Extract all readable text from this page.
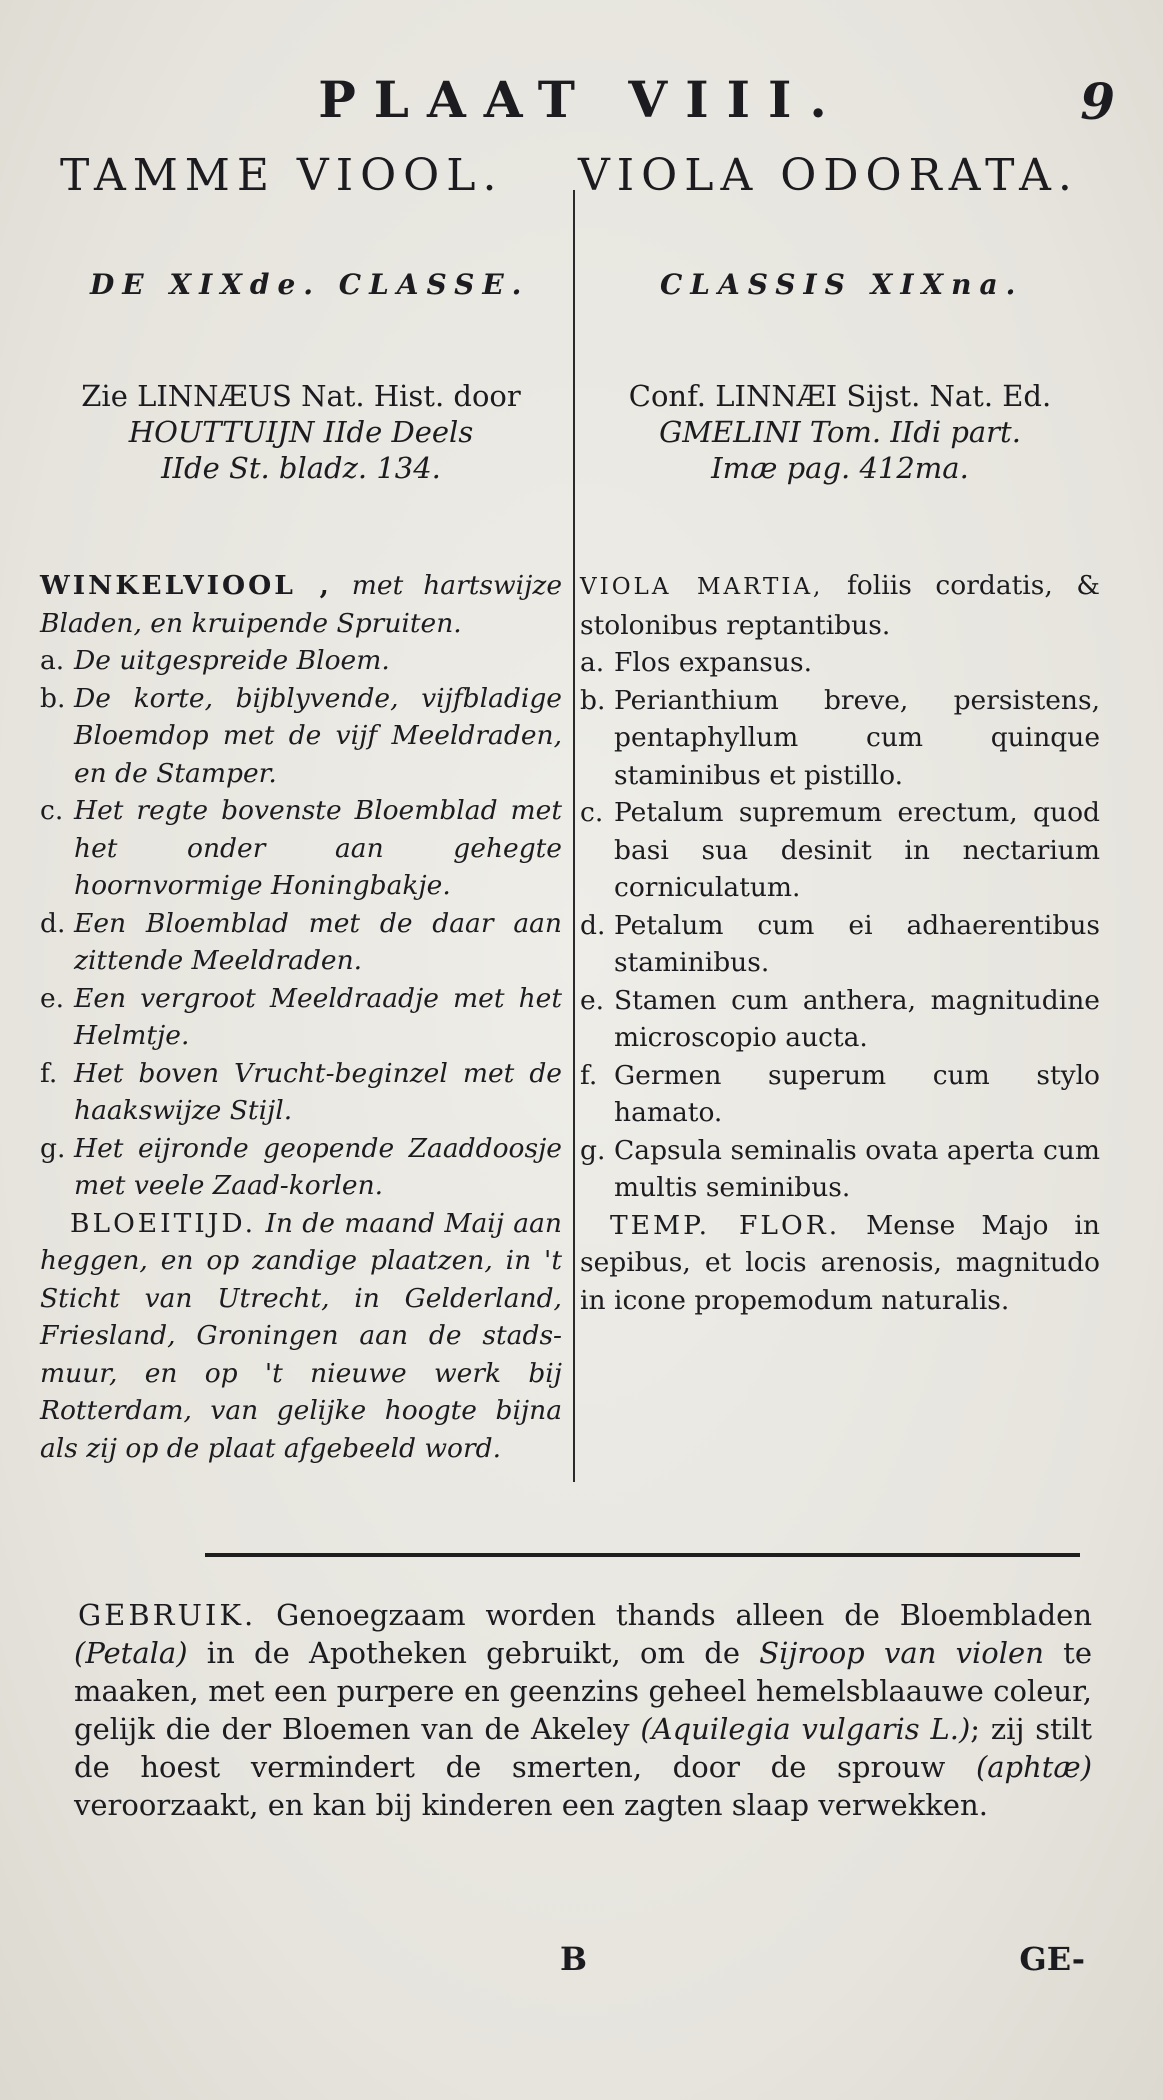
PLAAT VIII.	9
TAMME VIOOL. VIOLA ODORATA.
DE XIXde. CLASSE.	CLASSIS XIXna.
Zie LINNÆUS Nat. Hist. door
HOUTTUIJN IIde Deels
IIde St. bladz. 134.
Conf. LINNÆI Sijst. Nat. Ed.
GMELINI Tom. IIdi part.
Imæ pag. 412ma.

WINKELVIOOL , met hartswijze Bladen, en kruipende Spruiten.

a. De uitgespreide Bloem.
b. De korte, bijblyvende, vijfbladige Bloemdop met de vijf Meeldraden, en de Stamper.
c. Het regte bovenste Bloemblad met het onder aan gehegte hoornvormige Honingbakje.
d. Een Bloemblad met de daar aan zittende Meeldraden.
e. Een vergroot Meeldraadje met het Helmtje.
f. Het boven Vrucht-beginzel met de haakswijze Stijl.
g. Het eijronde geopende Zaaddoosje met veele Zaad-korlen.

BLOEITIJD. In de maand Maij aan heggen, en op zandige plaatzen, in 't Sticht van Utrecht, in Gelderland, Friesland, Groningen aan de stads-muur, en op 't nieuwe werk bij Rotterdam, van gelijke hoogte bijna als zij op de plaat afgebeeld word.

VIOLA MARTIA, foliis cordatis, & stolonibus reptantibus.

a. Flos expansus.
b. Perianthium breve, persistens, pentaphyllum cum quinque staminibus et pistillo.
c. Petalum supremum erectum, quod basi sua desinit in nectarium corniculatum.
d. Petalum cum ei adhaerentibus staminibus.
e. Stamen cum anthera, magnitudine microscopio aucta.
f. Germen superum cum stylo hamato.
g. Capsula seminalis ovata aperta cum multis seminibus.

TEMP. FLOR. Mense Majo in sepibus, et locis arenosis, magnitudo in icone propemodum naturalis.

GEBRUIK. Genoegzaam worden thands alleen de Bloembladen (Petala) in de Apotheken gebruikt, om de Sijroop van violen te maaken, met een purpere en geenzins geheel hemelsblaauwe coleur, gelijk die der Bloemen van de Akeley (Aquilegia vulgaris L.); zij stilt de hoest vermindert de smerten, door de sprouw (aphtæ) veroorzaakt, en kan bij kinderen een zagten slaap verwekken.
B	GE-
